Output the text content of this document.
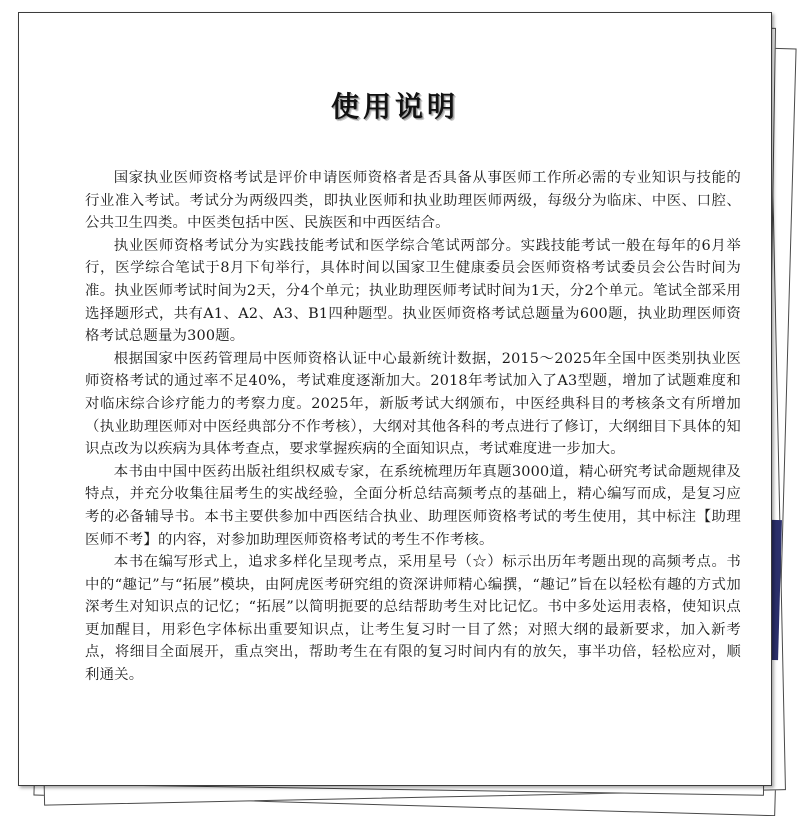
使用说明

国家执业医师资格考试是评价申请医师资格者是否具备从事医师工作所必需的专业知识与技能的行业准入考试。考试分为两级四类，即执业医师和执业助理医师两级，每级分为临床、中医、口腔、公共卫生四类。中医类包括中医、民族医和中西医结合。

执业医师资格考试分为实践技能考试和医学综合笔试两部分。实践技能考试一般在每年的6月举行，医学综合笔试于8月下旬举行，具体时间以国家卫生健康委员会医师资格考试委员会公告时间为准。执业医师考试时间为2天，分4个单元；执业助理医师考试时间为1天，分2个单元。笔试全部采用选择题形式，共有A1、A2、A3、B1四种题型。执业医师资格考试总题量为600题，执业助理医师资格考试总题量为300题。

根据国家中医药管理局中医师资格认证中心最新统计数据，2015～2025年全国中医类别执业医师资格考试的通过率不足40%，考试难度逐渐加大。2018年考试加入了A3型题，增加了试题难度和对临床综合诊疗能力的考察力度。2025年，新版考试大纲颁布，中医经典科目的考核条文有所增加（执业助理医师对中医经典部分不作考核），大纲对其他各科的考点进行了修订，大纲细目下具体的知识点改为以疾病为具体考查点，要求掌握疾病的全面知识点，考试难度进一步加大。

本书由中国中医药出版社组织权威专家，在系统梳理历年真题3000道，精心研究考试命题规律及特点，并充分收集往届考生的实战经验，全面分析总结高频考点的基础上，精心编写而成，是复习应考的必备辅导书。本书主要供参加中西医结合执业、助理医师资格考试的考生使用，其中标注【助理医师不考】的内容，对参加助理医师资格考试的考生不作考核。

本书在编写形式上，追求多样化呈现考点，采用星号（☆）标示出历年考题出现的高频考点。书中的“趣记”与“拓展”模块，由阿虎医考研究组的资深讲师精心编撰，“趣记”旨在以轻松有趣的方式加深考生对知识点的记忆；“拓展”以简明扼要的总结帮助考生对比记忆。书中多处运用表格，使知识点更加醒目，用彩色字体标出重要知识点，让考生复习时一目了然；对照大纲的最新要求，加入新考点，将细目全面展开，重点突出，帮助考生在有限的复习时间内有的放矢，事半功倍，轻松应对，顺利通关。
